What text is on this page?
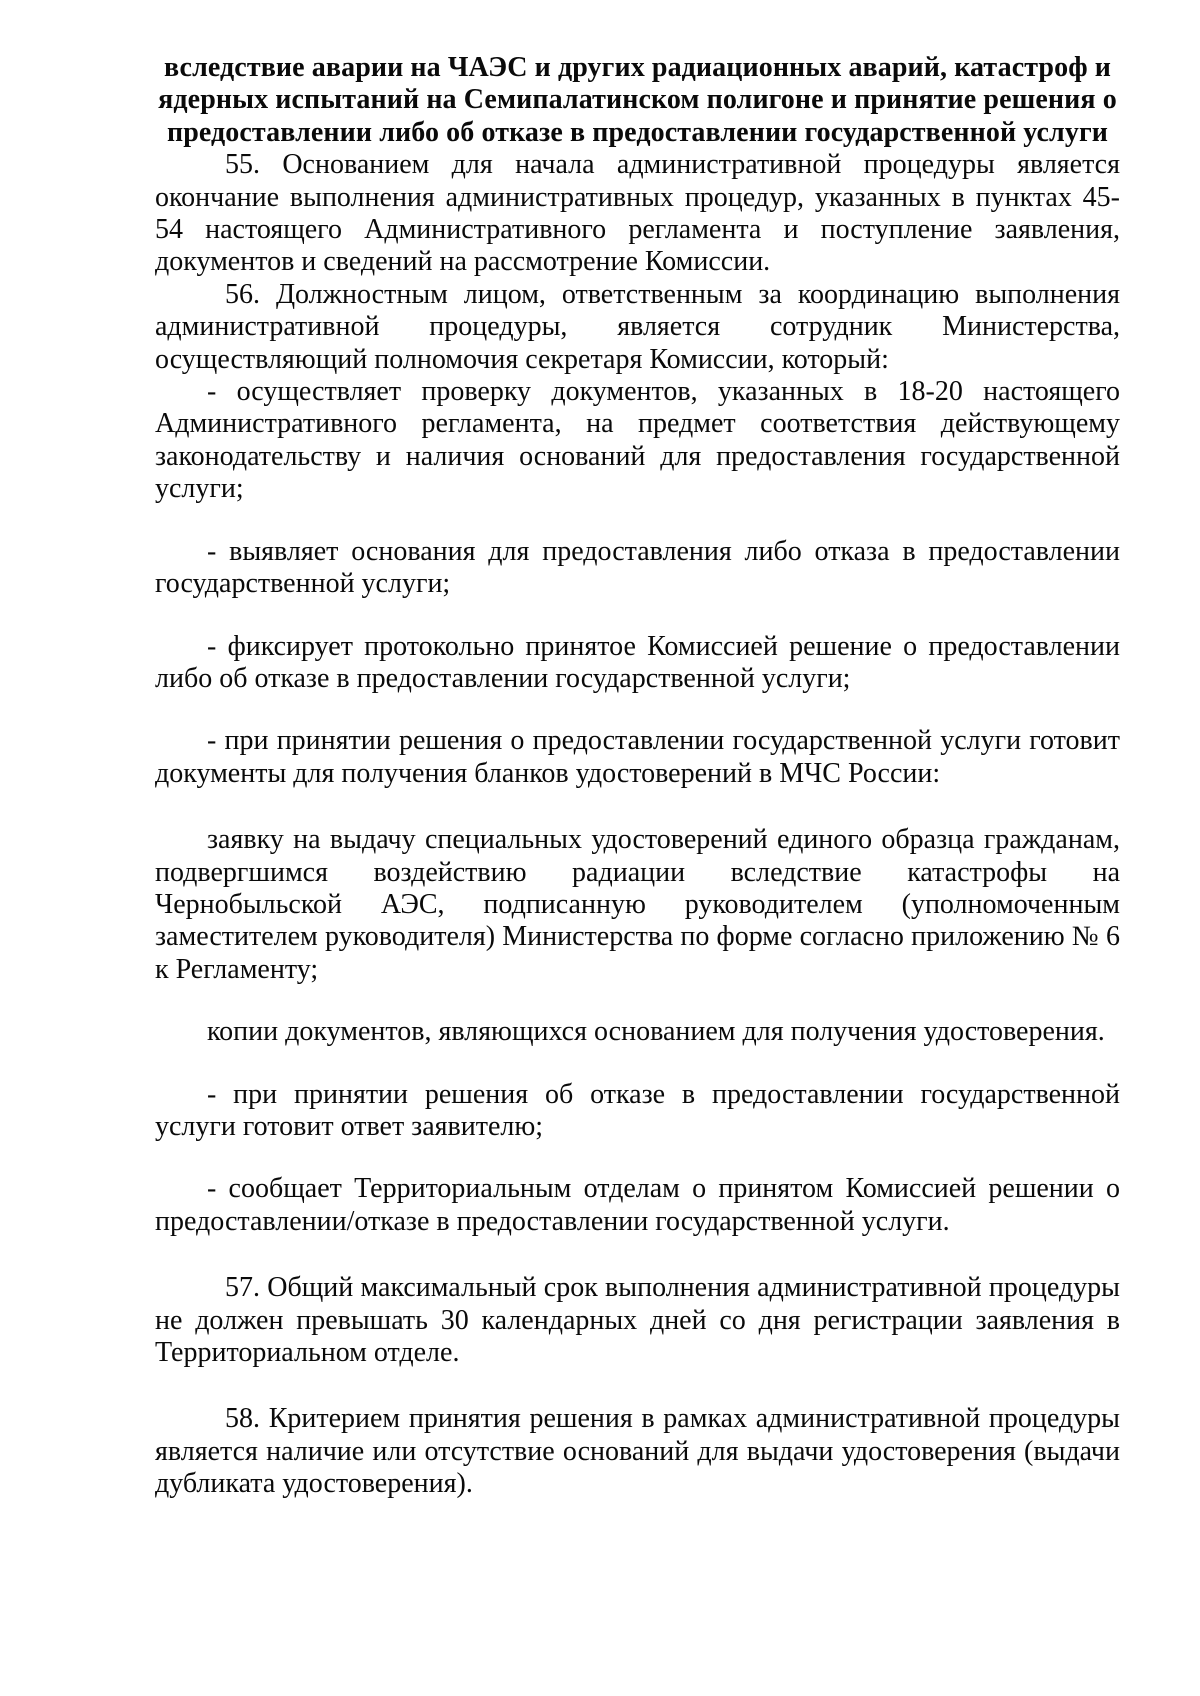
вследствие аварии на ЧАЭС и других радиационных аварий, катастроф и ядерных испытаний на Семипалатинском полигоне и принятие решения о предоставлении либо об отказе в предоставлении государственной услуги

55. Основанием для начала административной процедуры является окончание выполнения административных процедур, указанных в пунктах 45-54 настоящего Административного регламента и поступление заявления, документов и сведений на рассмотрение Комиссии.

56. Должностным лицом, ответственным за координацию выполнения административной процедуры, является сотрудник Министерства, осуществляющий полномочия секретаря Комиссии, который:

- осуществляет проверку документов, указанных в 18-20 настоящего Административного регламента, на предмет соответствия действующему законодательству и наличия оснований для предоставления государственной услуги;

- выявляет основания для предоставления либо отказа в предоставлении государственной услуги;

- фиксирует протокольно принятое Комиссией решение о предоставлении либо об отказе в предоставлении государственной услуги;

- при принятии решения о предоставлении государственной услуги готовит документы для получения бланков удостоверений в МЧС России:

заявку на выдачу специальных удостоверений единого образца гражданам, подвергшимся воздействию радиации вследствие катастрофы на Чернобыльской АЭС, подписанную руководителем (уполномоченным заместителем руководителя) Министерства по форме согласно приложению № 6 к Регламенту;

копии документов, являющихся основанием для получения удостоверения.

- при принятии решения об отказе в предоставлении государственной услуги готовит ответ заявителю;

- сообщает Территориальным отделам о принятом Комиссией решении о предоставлении/отказе в предоставлении государственной услуги.

57. Общий максимальный срок выполнения административной процедуры не должен превышать 30 календарных дней со дня регистрации заявления в Территориальном отделе.

58. Критерием принятия решения в рамках административной процедуры является наличие или отсутствие оснований для выдачи удостоверения (выдачи дубликата удостоверения).
